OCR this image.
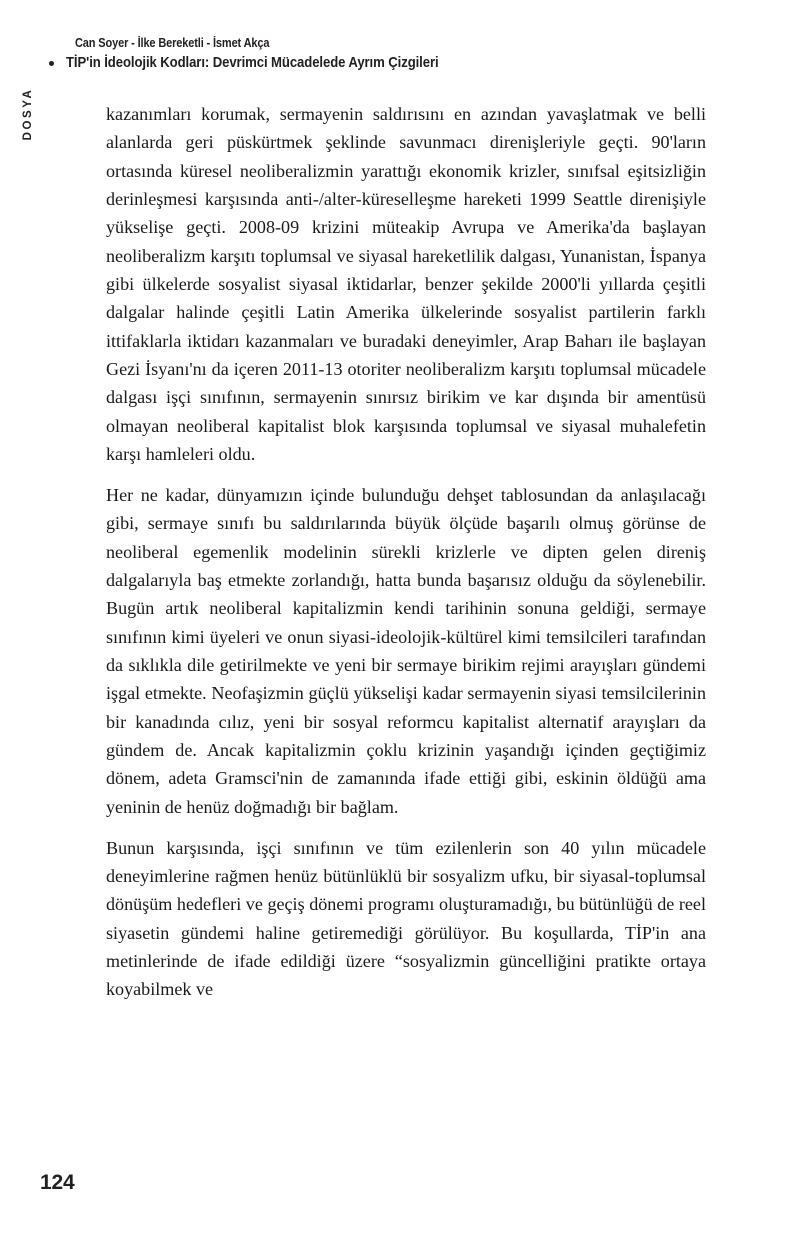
Can Soyer - İlke Bereketli - İsmet Akça
TİP'in İdeolojik Kodları: Devrimci Mücadelede Ayrım Çizgileri
DOSYA	kazanımları korumak, sermayenin saldırısını en azından yavaşlatmak ve belli alanlarda geri püskürtmek şeklinde savunmacı direnişleriyle geçti. 90'ların ortasında küresel neoliberalizmin yarattığı ekonomik krizler, sınıfsal eşitsizliğin derinleşmesi karşısında anti-/alter-küreselleşme hareketi 1999 Seattle direnişiyle yükselişe geçti. 2008-09 krizini müteakip Avrupa ve Amerika'da başlayan neoliberalizm karşıtı toplumsal ve siyasal hareketlilik dalgası, Yunanistan, İspanya gibi ülkelerde sosyalist siyasal iktidarlar, benzer şekilde 2000'li yıllarda çeşitli dalgalar halinde çeşitli Latin Amerika ülkelerinde sosyalist partilerin farklı ittifaklarla iktidarı kazanmaları ve buradaki deneyimler, Arap Baharı ile başlayan Gezi İsyanı'nı da içeren 2011-13 otoriter neoliberalizm karşıtı toplumsal mücadele dalgası işçi sınıfının, sermayenin sınırsız birikim ve kar dışında bir amentüsü olmayan neoliberal kapitalist blok karşısında toplumsal ve siyasal muhalefetin karşı hamleleri oldu.

Her ne kadar, dünyamızın içinde bulunduğu dehşet tablosundan da anlaşılacağı gibi, sermaye sınıfı bu saldırılarında büyük ölçüde başarılı olmuş görünse de neoliberal egemenlik modelinin sürekli krizlerle ve dipten gelen direniş dalgalarıyla baş etmekte zorlandığı, hatta bunda başarısız olduğu da söylenebilir. Bugün artık neoliberal kapitalizmin kendi tarihinin sonuna geldiği, sermaye sınıfının kimi üyeleri ve onun siyasi-ideolojik-kültürel kimi temsilcileri tarafından da sıklıkla dile getirilmekte ve yeni bir sermaye birikim rejimi arayışları gündemi işgal etmekte. Neofaşizmin güçlü yükselişi kadar sermayenin siyasi temsilcilerinin bir kanadında cılız, yeni bir sosyal reformcu kapitalist alternatif arayışları da gündem de. Ancak kapitalizmin çoklu krizinin yaşandığı içinden geçtiğimiz dönem, adeta Gramsci'nin de zamanında ifade ettiği gibi, eskinin öldüğü ama yeninin de henüz doğmadığı bir bağlam.

Bunun karşısında, işçi sınıfının ve tüm ezilenlerin son 40 yılın mücadele deneyimlerine rağmen henüz bütünlüklü bir sosyalizm ufku, bir siyasal-toplumsal dönüşüm hedefleri ve geçiş dönemi programı oluşturamadığı, bu bütünlüğü de reel siyasetin gündemi haline getiremediği görülüyor. Bu koşullarda, TİP'in ana metinlerinde de ifade edildiği üzere “sosyalizmin güncelliğini pratikte ortaya koyabilmek ve

124
